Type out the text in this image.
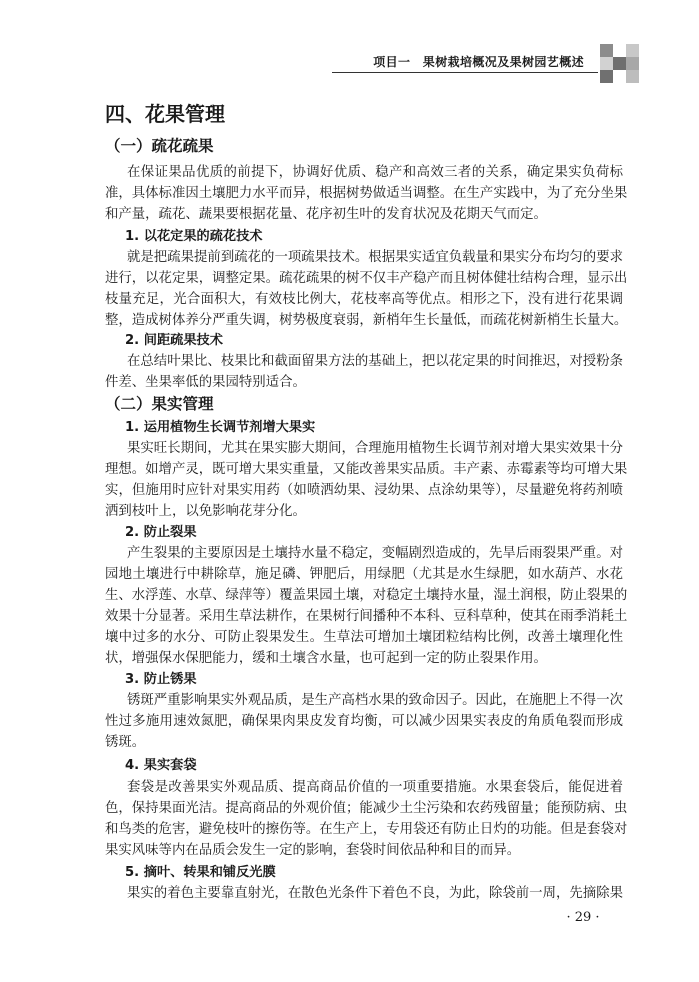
项目一　果树栽培概况及果树园艺概述
四、花果管理
（一）疏花疏果
在保证果品优质的前提下，协调好优质、稳产和高效三者的关系，确定果实负荷标
准，具体标准因土壤肥力水平而异，根据树势做适当调整。在生产实践中，为了充分坐果
和产量，疏花、蔬果要根据花量、花序初生叶的发育状况及花期天气而定。
1. 以花定果的疏花技术
就是把疏果提前到疏花的一项疏果技术。根据果实适宜负载量和果实分布均匀的要求
进行，以花定果，调整定果。疏花疏果的树不仅丰产稳产而且树体健壮结构合理，显示出
枝量充足，光合面积大，有效枝比例大，花枝率高等优点。相形之下，没有进行花果调
整，造成树体养分严重失调，树势极度衰弱，新梢年生长量低，而疏花树新梢生长量大。
2. 间距疏果技术
在总结叶果比、枝果比和截面留果方法的基础上，把以花定果的时间推迟，对授粉条
件差、坐果率低的果园特别适合。
（二）果实管理
1. 运用植物生长调节剂增大果实
果实旺长期间，尤其在果实膨大期间，合理施用植物生长调节剂对增大果实效果十分
理想。如增产灵，既可增大果实重量，又能改善果实品质。丰产素、赤霉素等均可增大果
实，但施用时应针对果实用药（如喷洒幼果、浸幼果、点涂幼果等），尽量避免将药剂喷
洒到枝叶上，以免影响花芽分化。
2. 防止裂果
产生裂果的主要原因是土壤持水量不稳定，变幅剧烈造成的，先旱后雨裂果严重。对
园地土壤进行中耕除草，施足磷、钾肥后，用绿肥（尤其是水生绿肥，如水葫芦、水花
生、水浮莲、水草、绿萍等）覆盖果园土壤，对稳定土壤持水量，湿土润根，防止裂果的
效果十分显著。采用生草法耕作，在果树行间播种不本科、豆科草种，使其在雨季消耗土
壤中过多的水分、可防止裂果发生。生草法可增加土壤团粒结构比例，改善土壤理化性
状，增强保水保肥能力，缓和土壤含水量，也可起到一定的防止裂果作用。
3. 防止锈果
锈斑严重影响果实外观品质，是生产高档水果的致命因子。因此，在施肥上不得一次
性过多施用速效氮肥，确保果肉果皮发育均衡，可以减少因果实表皮的角质龟裂而形成
锈斑。
4. 果实套袋
套袋是改善果实外观品质、提高商品价值的一项重要措施。水果套袋后，能促进着
色，保持果面光洁。提高商品的外观价值；能减少土尘污染和农药残留量；能预防病、虫
和鸟类的危害，避免枝叶的擦伤等。在生产上，专用袋还有防止日灼的功能。但是套袋对
果实风味等内在品质会发生一定的影响，套袋时间依品种和目的而异。
5. 摘叶、转果和铺反光膜
果实的着色主要靠直射光，在散色光条件下着色不良，为此，除袋前一周，先摘除果
· 29 ·
